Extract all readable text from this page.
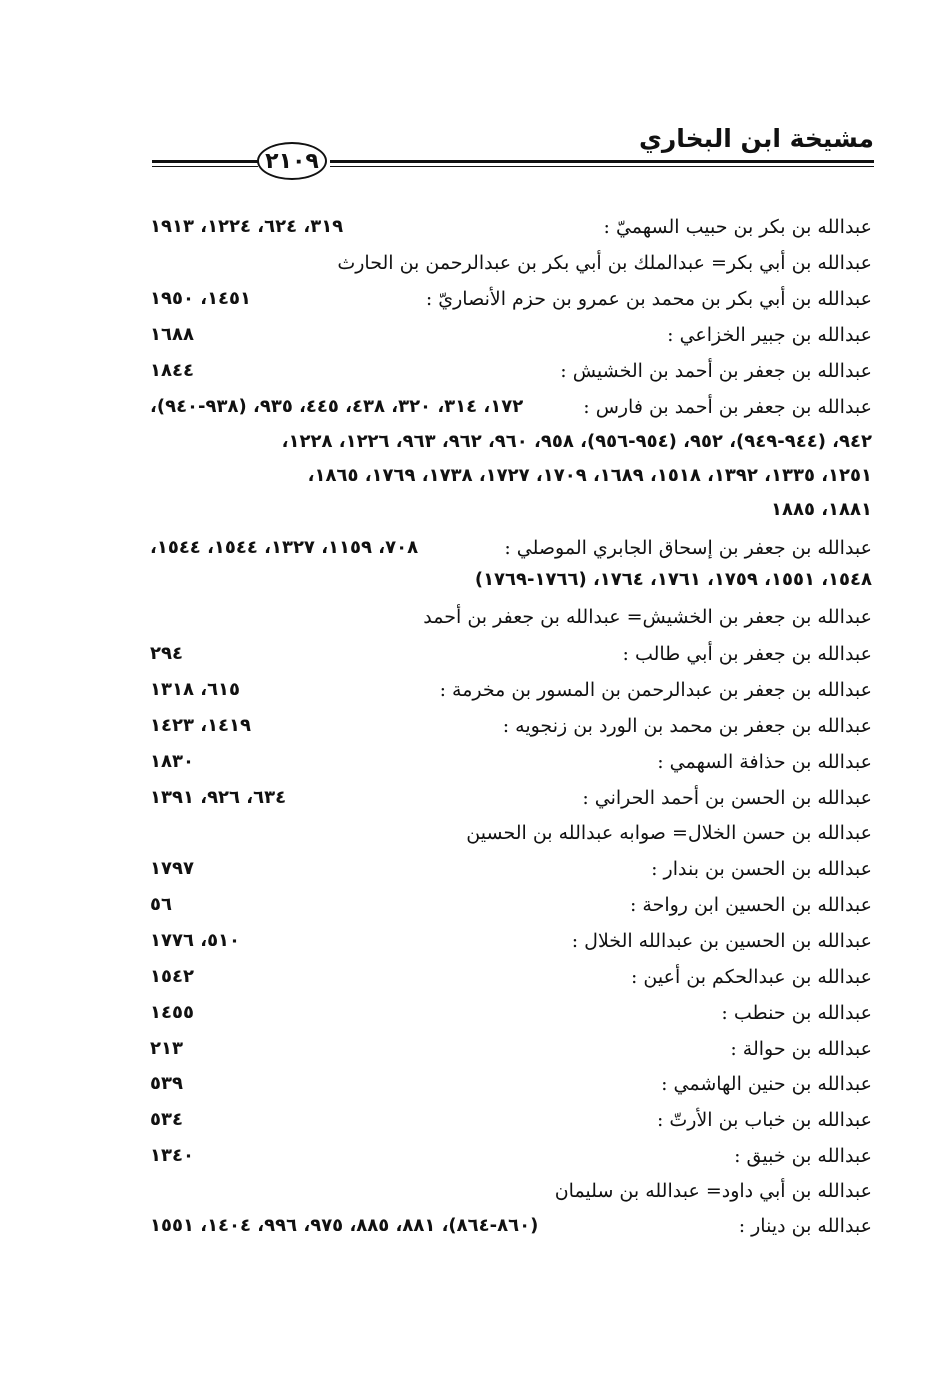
مشيخة ابن البخاري
٢١٠٩
عبدالله بن بكر بن حبيب السهميّ :
٣١٩، ٦٢٤، ١٢٢٤، ١٩١٣
عبدالله بن أبي بكر= عبدالملك بن أبي بكر بن عبدالرحمن بن الحارث
عبدالله بن أبي بكر بن محمد بن عمرو بن حزم الأنصاريّ :
١٤٥١، ١٩٥٠
عبدالله بن جبير الخزاعي :
١٦٨٨
عبدالله بن جعفر بن أحمد بن الخشيش :
١٨٤٤
عبدالله بن جعفر بن أحمد بن فارس :
١٧٢، ٣١٤، ٣٢٠، ٤٣٨، ٤٤٥، ٩٣٥، (٩٣٨-٩٤٠)،
٩٤٢، (٩٤٤-٩٤٩)، ٩٥٢، (٩٥٤-٩٥٦)، ٩٥٨، ٩٦٠، ٩٦٢، ٩٦٣، ١٢٢٦، ١٢٢٨،
١٢٥١، ١٣٣٥، ١٣٩٢، ١٥١٨، ١٦٨٩، ١٧٠٩، ١٧٢٧، ١٧٣٨، ١٧٦٩، ١٨٦٥،
١٨٨١، ١٨٨٥
عبدالله بن جعفر بن إسحاق الجابري الموصلي :
٧٠٨، ١١٥٩، ١٣٢٧، ١٥٤٤، ١٥٤٤،
١٥٤٨، ١٥٥١، ١٧٥٩، ١٧٦١، ١٧٦٤، (١٧٦٦-١٧٦٩)
عبدالله بن جعفر بن الخشيش= عبدالله بن جعفر بن أحمد
عبدالله بن جعفر بن أبي طالب :
٢٩٤
عبدالله بن جعفر بن عبدالرحمن بن المسور بن مخرمة :
٦١٥، ١٣١٨
عبدالله بن جعفر بن محمد بن الورد بن زنجويه :
١٤١٩، ١٤٢٣
عبدالله بن حذافة السهمي :
١٨٣٠
عبدالله بن الحسن بن أحمد الحراني :
٦٣٤، ٩٢٦، ١٣٩١
عبدالله بن حسن الخلال= صوابه عبدالله بن الحسين
عبدالله بن الحسن بن بندار :
١٧٩٧
عبدالله بن الحسين ابن رواحة :
٥٦
عبدالله بن الحسين بن عبدالله الخلال :
٥١٠، ١٧٧٦
عبدالله بن عبدالحكم بن أعين :
١٥٤٢
عبدالله بن حنطب :
١٤٥٥
عبدالله بن حوالة :
٢١٣
عبدالله بن حنين الهاشمي :
٥٣٩
عبدالله بن خباب بن الأرتّ :
٥٣٤
عبدالله بن خبيق :
١٣٤٠
عبدالله بن أبي داود= عبدالله بن سليمان
عبدالله بن دينار :
(٨٦٠-٨٦٤)، ٨٨١، ٨٨٥، ٩٧٥، ٩٩٦، ١٤٠٤، ١٥٥١
